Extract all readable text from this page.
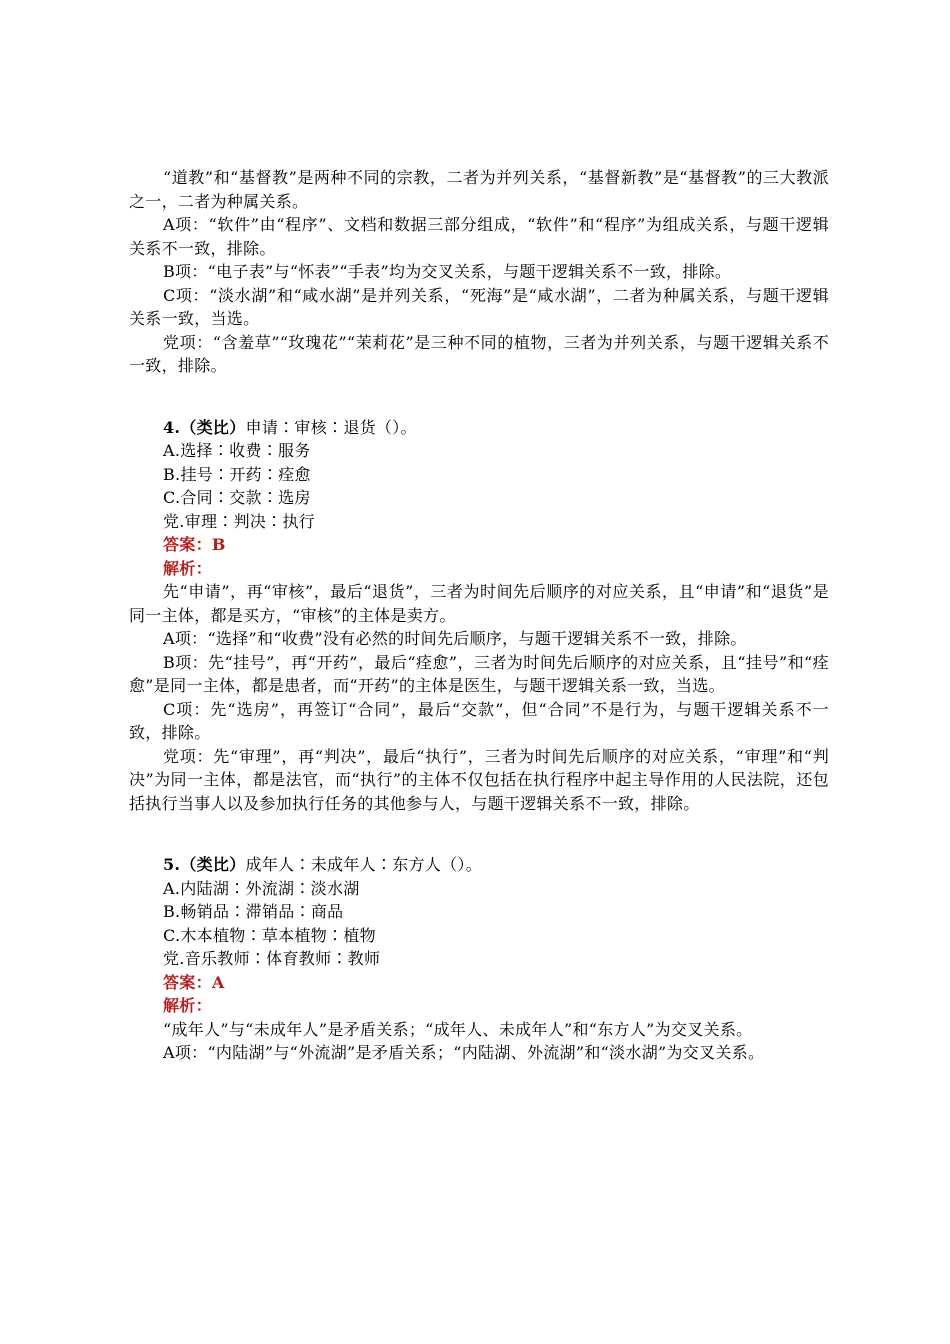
“道教”和“基督教”是两种不同的宗教，二者为并列关系，“基督新教”是“基督教”的三大教派之一，二者为种属关系。

A项：“软件”由“程序”、文档和数据三部分组成，“软件”和“程序”为组成关系，与题干逻辑关系不一致，排除。

B项：“电子表”与“怀表”“手表”均为交叉关系，与题干逻辑关系不一致，排除。

C项：“淡水湖”和“咸水湖”是并列关系，“死海”是“咸水湖”，二者为种属关系，与题干逻辑关系一致，当选。

党项：“含羞草”“玫瑰花”“茉莉花”是三种不同的植物，三者为并列关系，与题干逻辑关系不一致，排除。

4.（类比）申请∶审核∶退货（）。

A.选择∶收费∶服务

B.挂号∶开药∶痊愈

C.合同∶交款∶选房

党.审理∶判决∶执行

答案：B

解析：

先“申请”，再“审核”，最后“退货”，三者为时间先后顺序的对应关系，且“申请”和“退货”是同一主体，都是买方，“审核”的主体是卖方。

A项：“选择”和“收费”没有必然的时间先后顺序，与题干逻辑关系不一致，排除。

B项：先“挂号”，再“开药”，最后“痊愈”，三者为时间先后顺序的对应关系，且“挂号”和“痊愈”是同一主体，都是患者，而“开药”的主体是医生，与题干逻辑关系一致，当选。

C项：先“选房”，再签订“合同”，最后“交款”，但“合同”不是行为，与题干逻辑关系不一致，排除。

党项：先“审理”，再“判决”，最后“执行”，三者为时间先后顺序的对应关系，“审理”和“判决”为同一主体，都是法官，而“执行”的主体不仅包括在执行程序中起主导作用的人民法院，还包括执行当事人以及参加执行任务的其他参与人，与题干逻辑关系不一致，排除。

5.（类比）成年人∶未成年人∶东方人（）。

A.内陆湖∶外流湖∶淡水湖

B.畅销品∶滞销品∶商品

C.木本植物∶草本植物∶植物

党.音乐教师∶体育教师∶教师

答案：A

解析：

“成年人”与“未成年人”是矛盾关系；“成年人、未成年人”和“东方人”为交叉关系。

A项：“内陆湖”与“外流湖”是矛盾关系；“内陆湖、外流湖”和“淡水湖”为交叉关系。
